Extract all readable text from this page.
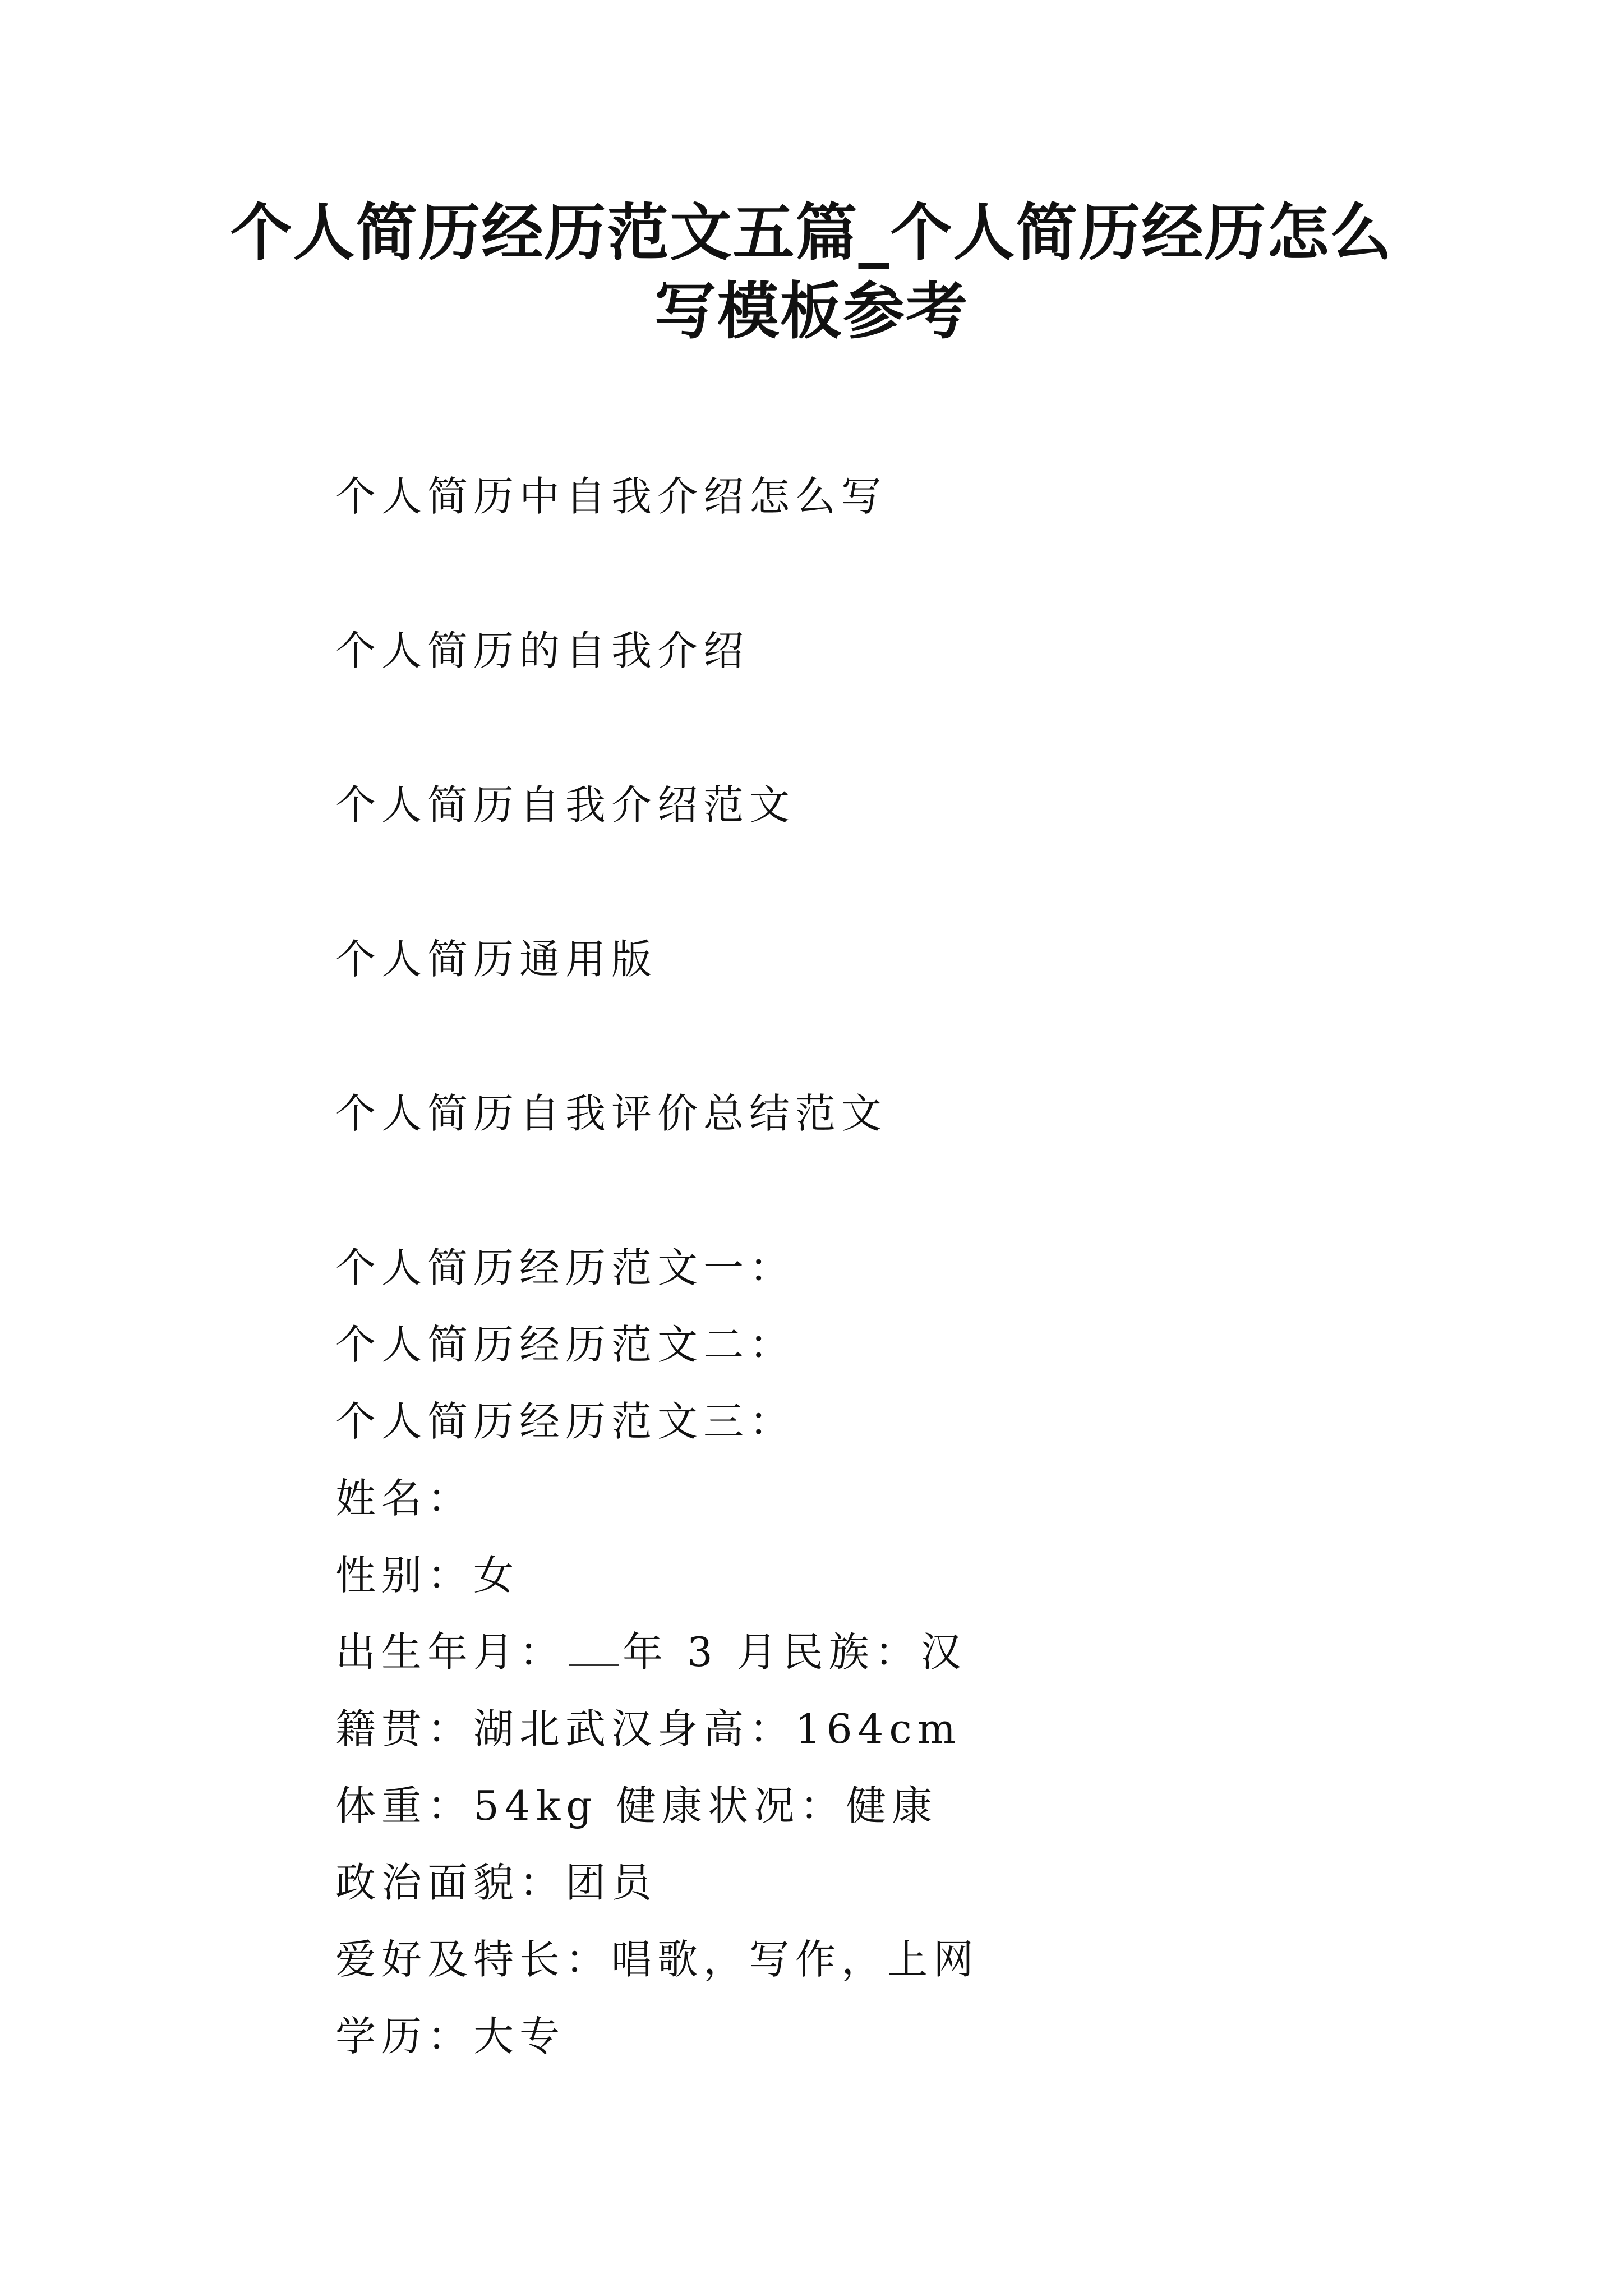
个人简历经历范文五篇_个人简历经历怎么
写模板参考

个人简历中自我介绍怎么写

个人简历的自我介绍

个人简历自我介绍范文

个人简历通用版

个人简历自我评价总结范文

个人简历经历范文一：

个人简历经历范文二：

个人简历经历范文三：

姓名：

性别：女

出生年月： 年 3 月民族：汉

籍贯：湖北武汉身高：164cm

体重：54kg 健康状况：健康

政治面貌：团员

爱好及特长：唱歌，写作，上网

学历：大专
